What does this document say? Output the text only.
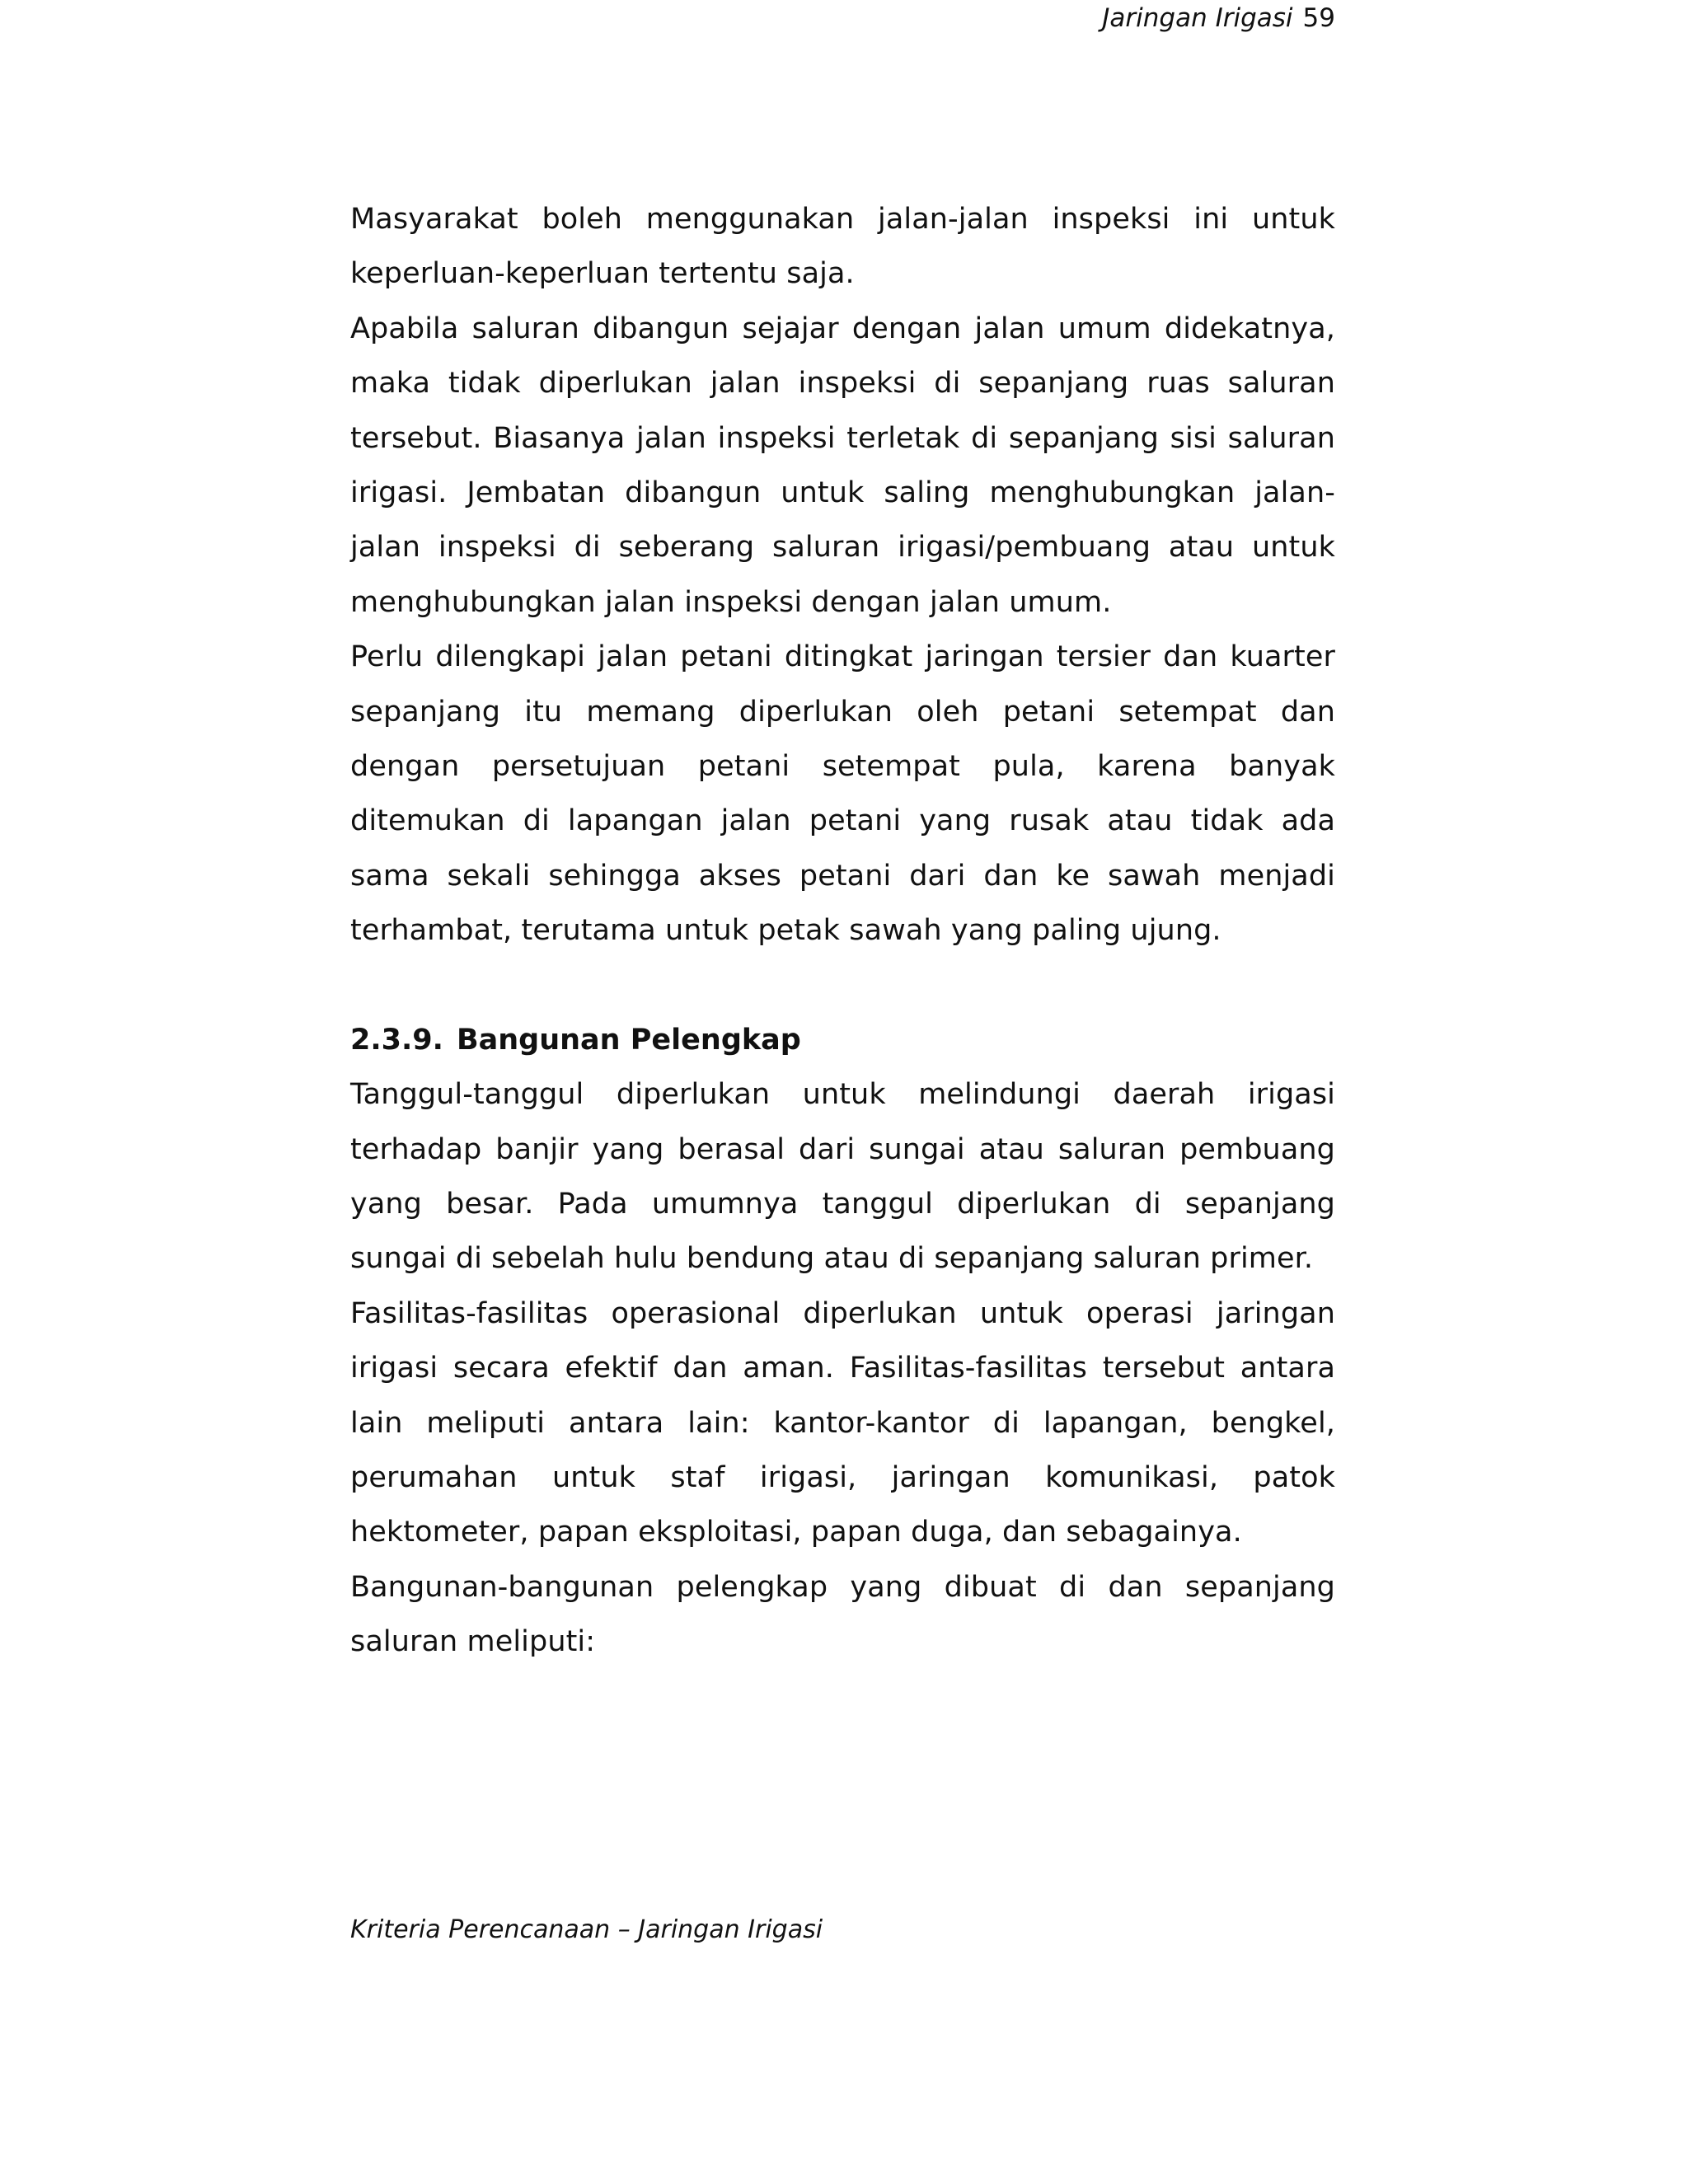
Jaringan Irigasi 59

Masyarakat boleh menggunakan jalan-jalan inspeksi ini untuk keperluan-keperluan tertentu saja.

Apabila saluran dibangun sejajar dengan jalan umum didekatnya, maka tidak diperlukan jalan inspeksi di sepanjang ruas saluran tersebut. Biasanya jalan inspeksi terletak di sepanjang sisi saluran irigasi. Jembatan dibangun untuk saling menghubungkan jalan-jalan inspeksi di seberang saluran irigasi/pembuang atau untuk menghubungkan jalan inspeksi dengan jalan umum.

Perlu dilengkapi jalan petani ditingkat jaringan tersier dan kuarter sepanjang itu memang diperlukan oleh petani setempat dan dengan persetujuan petani setempat pula, karena banyak ditemukan di lapangan jalan petani yang rusak atau tidak ada sama sekali sehingga akses petani dari dan ke sawah menjadi terhambat, terutama untuk petak sawah yang paling ujung.

2.3.9. Bangunan Pelengkap

Tanggul-tanggul diperlukan untuk melindungi daerah irigasi terhadap banjir yang berasal dari sungai atau saluran pembuang yang besar. Pada umumnya tanggul diperlukan di sepanjang sungai di sebelah hulu bendung atau di sepanjang saluran primer.

Fasilitas-fasilitas operasional diperlukan untuk operasi jaringan irigasi secara efektif dan aman. Fasilitas-fasilitas tersebut antara lain meliputi antara lain: kantor-kantor di lapangan, bengkel, perumahan untuk staf irigasi, jaringan komunikasi, patok hektometer, papan eksploitasi, papan duga, dan sebagainya.

Bangunan-bangunan pelengkap yang dibuat di dan sepanjang saluran meliputi:

Kriteria Perencanaan – Jaringan Irigasi
